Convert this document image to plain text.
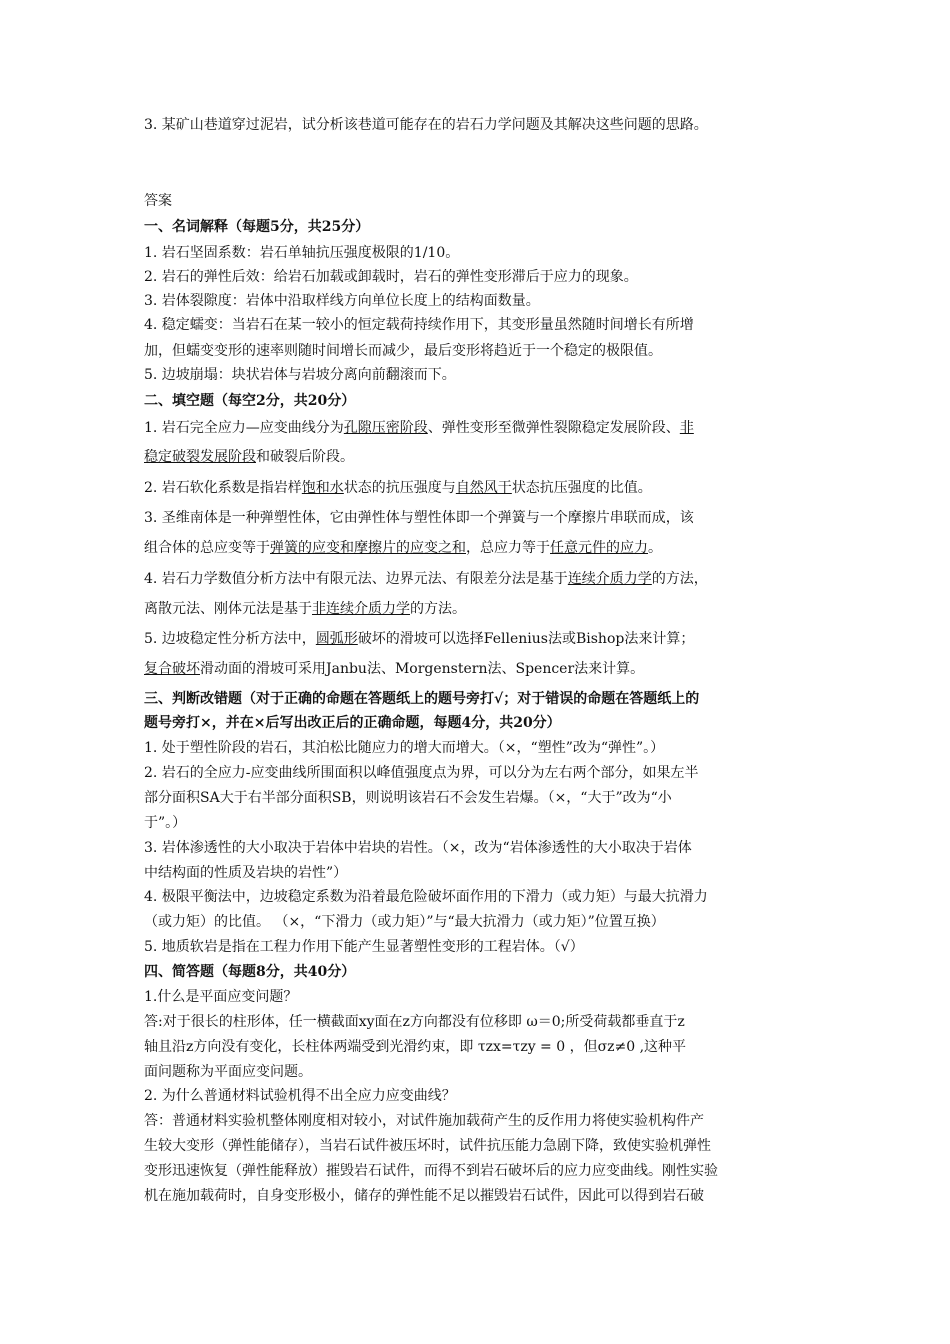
3. 某矿山巷道穿过泥岩，试分析该巷道可能存在的岩石力学问题及其解决这些问题的思路。
答案
一、名词解释（每题5分，共25分）
1. 岩石坚固系数：岩石单轴抗压强度极限的1/10。
2. 岩石的弹性后效：给岩石加载或卸载时，岩石的弹性变形滞后于应力的现象。
3. 岩体裂隙度：岩体中沿取样线方向单位长度上的结构面数量。
4. 稳定蠕变：当岩石在某一较小的恒定载荷持续作用下，其变形量虽然随时间增长有所增
加，但蠕变变形的速率则随时间增长而减少，最后变形将趋近于一个稳定的极限值。
5. 边坡崩塌：块状岩体与岩坡分离向前翻滚而下。
二、填空题（每空2分，共20分）
1. 岩石完全应力—应变曲线分为孔隙压密阶段、弹性变形至微弹性裂隙稳定发展阶段、非
稳定破裂发展阶段和破裂后阶段。
2. 岩石软化系数是指岩样饱和水状态的抗压强度与自然风干状态抗压强度的比值。
3. 圣维南体是一种弹塑性体，它由弹性体与塑性体即一个弹簧与一个摩擦片串联而成，该
组合体的总应变等于弹簧的应变和摩擦片的应变之和，总应力等于任意元件的应力。
4. 岩石力学数值分析方法中有限元法、边界元法、有限差分法是基于连续介质力学的方法，
离散元法、刚体元法是基于非连续介质力学的方法。
5. 边坡稳定性分析方法中，圆弧形破坏的滑坡可以选择Fellenius法或Bishop法来计算；
复合破坏滑动面的滑坡可采用Janbu法、Morgenstern法、Spencer法来计算。
三、判断改错题（对于正确的命题在答题纸上的题号旁打√；对于错误的命题在答题纸上的
题号旁打×，并在×后写出改正后的正确命题，每题4分，共20分）
1. 处于塑性阶段的岩石，其泊松比随应力的增大而增大。（×，“塑性”改为“弹性”。）
2. 岩石的全应力-应变曲线所围面积以峰值强度点为界，可以分为左右两个部分，如果左半
部分面积SA大于右半部分面积SB，则说明该岩石不会发生岩爆。（×，“大于”改为“小
于”。）
3. 岩体渗透性的大小取决于岩体中岩块的岩性。（×，改为“岩体渗透性的大小取决于岩体
中结构面的性质及岩块的岩性”）
4. 极限平衡法中，边坡稳定系数为沿着最危险破坏面作用的下滑力（或力矩）与最大抗滑力
（或力矩）的比值。 （×，“下滑力（或力矩）”与“最大抗滑力（或力矩）”位置互换）
5. 地质软岩是指在工程力作用下能产生显著塑性变形的工程岩体。（√）
四、简答题（每题8分，共40分）
1.什么是平面应变问题？
答:对于很长的柱形体，任一横截面xy面在z方向都没有位移即 ω＝0;所受荷载都垂直于z
轴且沿z方向没有变化，长柱体两端受到光滑约束，即 τzx=τzy = 0 ，但σz≠0 ,这种平
面问题称为平面应变问题。
2. 为什么普通材料试验机得不出全应力应变曲线？
答：普通材料实验机整体刚度相对较小，对试件施加载荷产生的反作用力将使实验机构件产
生较大变形（弹性能储存），当岩石试件被压坏时，试件抗压能力急剧下降，致使实验机弹性
变形迅速恢复（弹性能释放）摧毁岩石试件，而得不到岩石破坏后的应力应变曲线。刚性实验
机在施加载荷时，自身变形极小，储存的弹性能不足以摧毁岩石试件，因此可以得到岩石破
